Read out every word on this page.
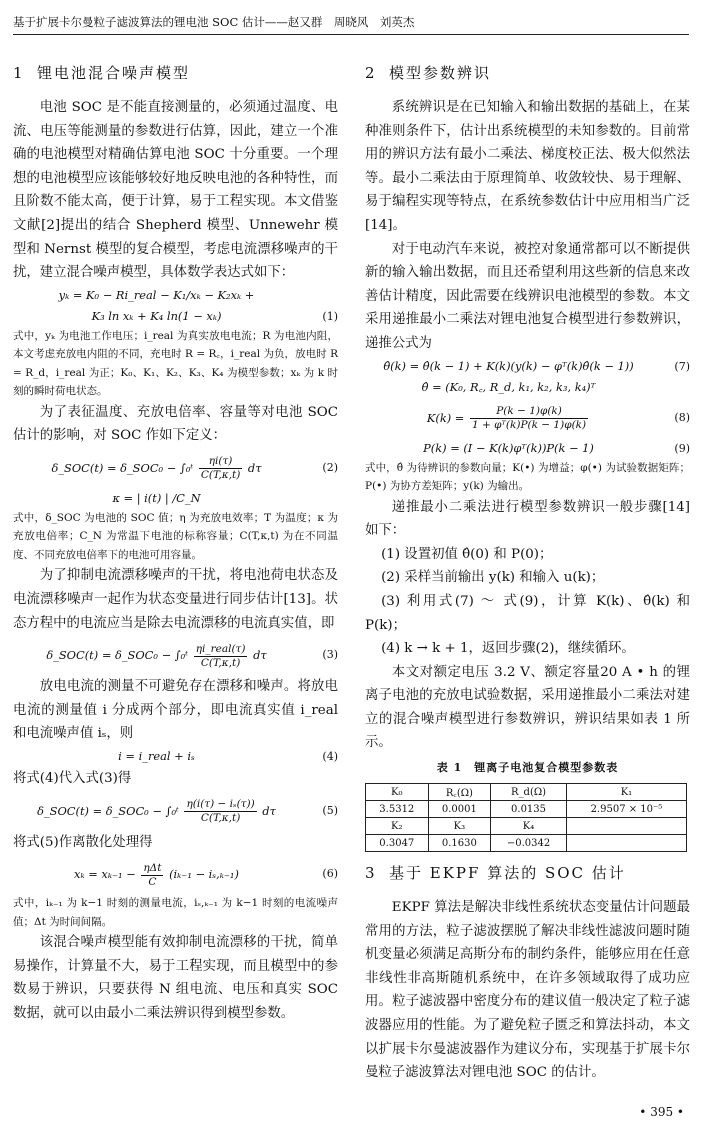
基于扩展卡尔曼粒子滤波算法的锂电池 SOC 估计——赵又群　周晓风　刘英杰
1 锂电池混合噪声模型

电池 SOC 是不能直接测量的，必须通过温度、电流、电压等能测量的参数进行估算，因此，建立一个准确的电池模型对精确估算电池 SOC 十分重要。一个理想的电池模型应该能够较好地反映电池的各种特性，而且阶数不能太高，便于计算，易于工程实现。本文借鉴文献[2]提出的结合 Shepherd 模型、Unnewehr 模型和 Nernst 模型的复合模型，考虑电流漂移噪声的干扰，建立混合噪声模型，具体数学表达式如下：

yₖ = K₀ − Ri_real − K₁/xₖ − K₂xₖ +
K₃ ln xₖ + K₄ ln(1 − xₖ)	(1)

式中，yₖ 为电池工作电压；i_real 为真实放电电流；R 为电池内阻，本文考虑充放电内阻的不同，充电时 R = R꜀，i_real 为负，放电时 R = R_d，i_real 为正；K₀、K₁、K₂、K₃、K₄ 为模型参数；xₖ 为 k 时刻的瞬时荷电状态。

为了表征温度、充放电倍率、容量等对电池 SOC 估计的影响，对 SOC 作如下定义：

δ_SOC(t) = δ_SOC₀ − ∫₀ᵗ $\frac{\eta i(\tau)}{C(T,\kappa,t)}$ dτ	(2)
κ = | i(t) | /C_N

式中，δ_SOC 为电池的 SOC 值；η 为充放电效率；T 为温度；κ 为充放电倍率；C_N 为常温下电池的标称容量；C(T,κ,t) 为在不同温度、不同充放电倍率下的电池可用容量。

为了抑制电流漂移噪声的干扰，将电池荷电状态及电流漂移噪声一起作为状态变量进行同步估计[13]。状态方程中的电流应当是除去电流漂移的电流真实值，即

δ_SOC(t) = δ_SOC₀ − ∫₀ᵗ $\frac{\text{ηi\_real(τ)}}{C(T,\kappa,t)}$ dτ	(3)

放电电流的测量不可避免存在漂移和噪声。将放电电流的测量值 i 分成两个部分，即电流真实值 i_real 和电流噪声值 iₛ，则

i = i_real + iₛ	(4)

将式(4)代入式(3)得

δ_SOC(t) = δ_SOC₀ − ∫₀ᵗ $\frac{\text{η(i(τ) − iₛ(τ))}}{C(T,\kappa,t)}$ dτ	(5)

将式(5)作离散化处理得

$x_k = x_{k-1} - \frac{\text{ηΔt}}{C} (i_{k-1} - i_s,_{k-1})$	(6)

式中，iₖ₋₁ 为 k−1 时刻的测量电流，iₛ,ₖ₋₁ 为 k−1 时刻的电流噪声值；Δt 为时间间隔。

该混合噪声模型能有效抑制电流漂移的干扰，简单易操作，计算量不大，易于工程实现，而且模型中的参数易于辨识，只要获得 N 组电流、电压和真实 SOC 数据，就可以由最小二乘法辨识得到模型参数。

2 模型参数辨识

系统辨识是在已知输入和输出数据的基础上，在某种准则条件下，估计出系统模型的未知参数的。目前常用的辨识方法有最小二乘法、梯度校正法、极大似然法等。最小二乘法由于原理简单、收敛较快、易于理解、易于编程实现等特点，在系统参数估计中应用相当广泛[14]。

对于电动汽车来说，被控对象通常都可以不断提供新的输入输出数据，而且还希望利用这些新的信息来改善估计精度，因此需要在线辨识电池模型的参数。本文采用递推最小二乘法对锂电池复合模型进行参数辨识，递推公式为

θ̂(k) = θ̂(k − 1) + K(k)(y(k) − φᵀ(k)θ̂(k − 1))	(7)
θ̂ = (K₀, R꜀, R_d, k₁, k₂, k₃, k₄)ᵀ
$K(k) = \frac{P(k - 1)\varphi(k)}{\text{1 + φᵀ(k)P(k − 1)φ(k)}}$	(8)
P(k) = (I − K(k)φᵀ(k))P(k − 1)	(9)

式中，θ̂ 为待辨识的参数向量；K(•) 为增益；φ(•) 为试验数据矩阵；P(•) 为协方差矩阵；y(k) 为输出。

递推最小二乘法进行模型参数辨识一般步骤[14] 如下：

(1) 设置初值 θ̂(0) 和 P(0)；

(2) 采样当前输出 y(k) 和输入 u(k)；

(3) 利用式(7) ～ 式(9)，计算 K(k)、θ̂(k) 和 P(k)；

(4) k → k + 1，返回步骤(2)，继续循环。

本文对额定电压 3.2 V、额定容量20 A • h 的锂离子电池的充放电试验数据，采用递推最小二乘法对建立的混合噪声模型进行参数辨识，辨识结果如表 1 所示。

表 1　锂离子电池复合模型参数表
K₀	R꜀(Ω)	R_d(Ω)	K₁
3.5312	0.0001	0.0135	2.9507 × 10⁻⁵
K₂	K₃	K₄	
0.3047	0.1630	−0.0342	
3 基于 EKPF 算法的 SOC 估计

EKPF 算法是解决非线性系统状态变量估计问题最常用的方法，粒子滤波摆脱了解决非线性滤波问题时随机变量必须满足高斯分布的制约条件，能够应用在任意非线性非高斯随机系统中，在许多领域取得了成功应用。粒子滤波器中密度分布的建议值一般决定了粒子滤波器应用的性能。为了避免粒子匮乏和算法抖动，本文以扩展卡尔曼滤波器作为建议分布，实现基于扩展卡尔曼粒子滤波算法对锂电池 SOC 的估计。

• 395 •
